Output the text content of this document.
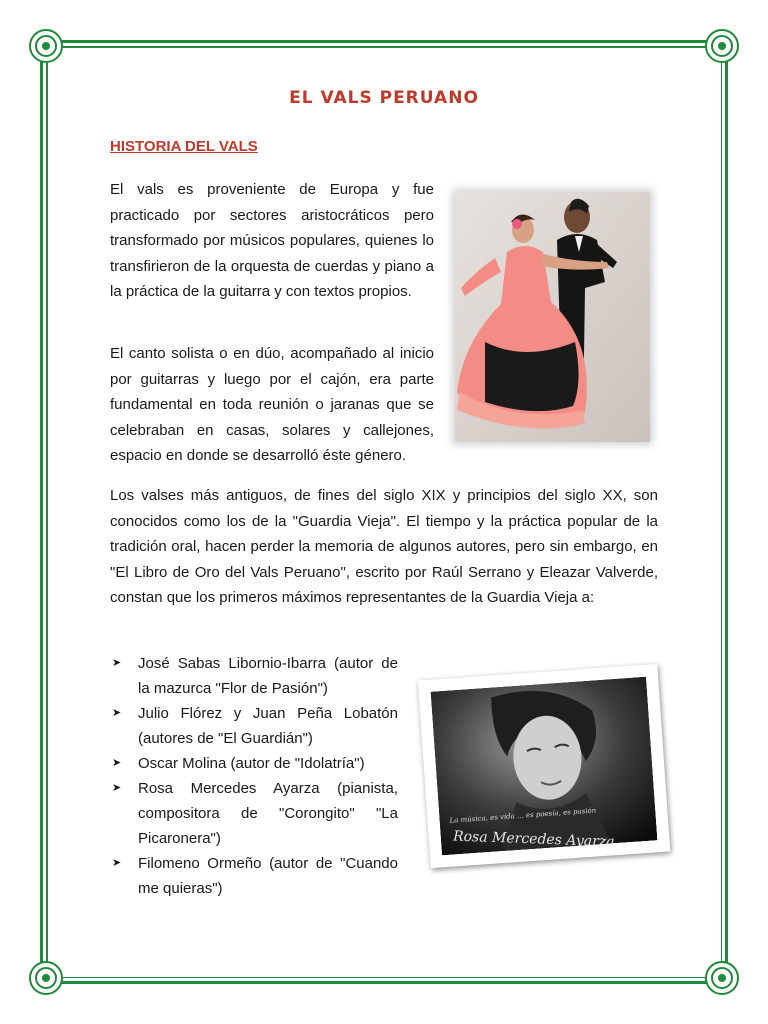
EL VALS PERUANO
HISTORIA DEL VALS

El vals es proveniente de Europa y fue practicado por sectores aristocráticos pero transformado por músicos populares, quienes lo transfirieron de la orquesta de cuerdas y piano a la práctica de la guitarra y con textos propios.

El canto solista o en dúo, acompañado al inicio por guitarras y luego por el cajón, era parte fundamental en toda reunión o jaranas que se celebraban en casas, solares y callejones, espacio en donde se desarrolló éste género.

Los valses más antiguos, de fines del siglo XIX y principios del siglo XX, son conocidos como los de la "Guardia Vieja". El tiempo y la práctica popular de la tradición oral, hacen perder la memoria de algunos autores, pero sin embargo, en "El Libro de Oro del Vals Peruano", escrito por Raúl Serrano y Eleazar Valverde, constan que los primeros máximos representantes de la Guardia Vieja a:

➤ José Sabas Libornio-Ibarra (autor de la mazurca "Flor de Pasión")
➤ Julio Flórez y Juan Peña Lobatón (autores de "El Guardián")
➤ Oscar Molina (autor de "Idolatría")
➤ Rosa Mercedes Ayarza (pianista, compositora de "Corongito" "La Picaronera")
➤ Filomeno Ormeño (autor de "Cuando me quieras")
La música, es vida ... es poesía, es pasión
Rosa Mercedes Ayarza
